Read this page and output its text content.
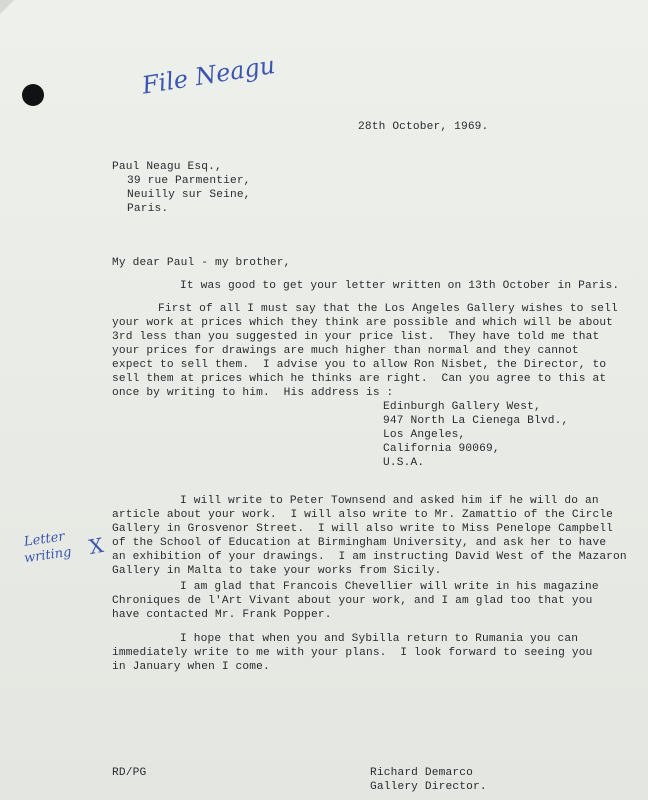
File Neagu
28th October, 1969.
Paul Neagu Esq.,
39 rue Parmentier,
Neuilly sur Seine,
Paris.
My dear Paul - my brother,
It was good to get your letter written on 13th October in Paris.
First of all I must say that the Los Angeles Gallery wishes to sell
your work at prices which they think are possible and which will be about
3rd less than you suggested in your price list.  They have told me that
your prices for drawings are much higher than normal and they cannot
expect to sell them.  I advise you to allow Ron Nisbet, the Director, to
sell them at prices which he thinks are right.  Can you agree to this at
once by writing to him.  His address is :
Edinburgh Gallery West,
947 North La Cienega Blvd.,
Los Angeles,
California 90069,
U.S.A.
I will write to Peter Townsend and asked him if he will do an
article about your work.  I will also write to Mr. Zamattio of the Circle
Gallery in Grosvenor Street.  I will also write to Miss Penelope Campbell
of the School of Education at Birmingham University, and ask her to have
an exhibition of your drawings.  I am instructing David West of the Mazaron
Gallery in Malta to take your works from Sicily.
Letter
writing X
I am glad that Francois Chevellier will write in his magazine
Chroniques de l'Art Vivant about your work, and I am glad too that you
have contacted Mr. Frank Popper.
I hope that when you and Sybilla return to Rumania you can
immediately write to me with your plans.  I look forward to seeing you
in January when I come.
RD/PG	Richard Demarco
Gallery Director.
